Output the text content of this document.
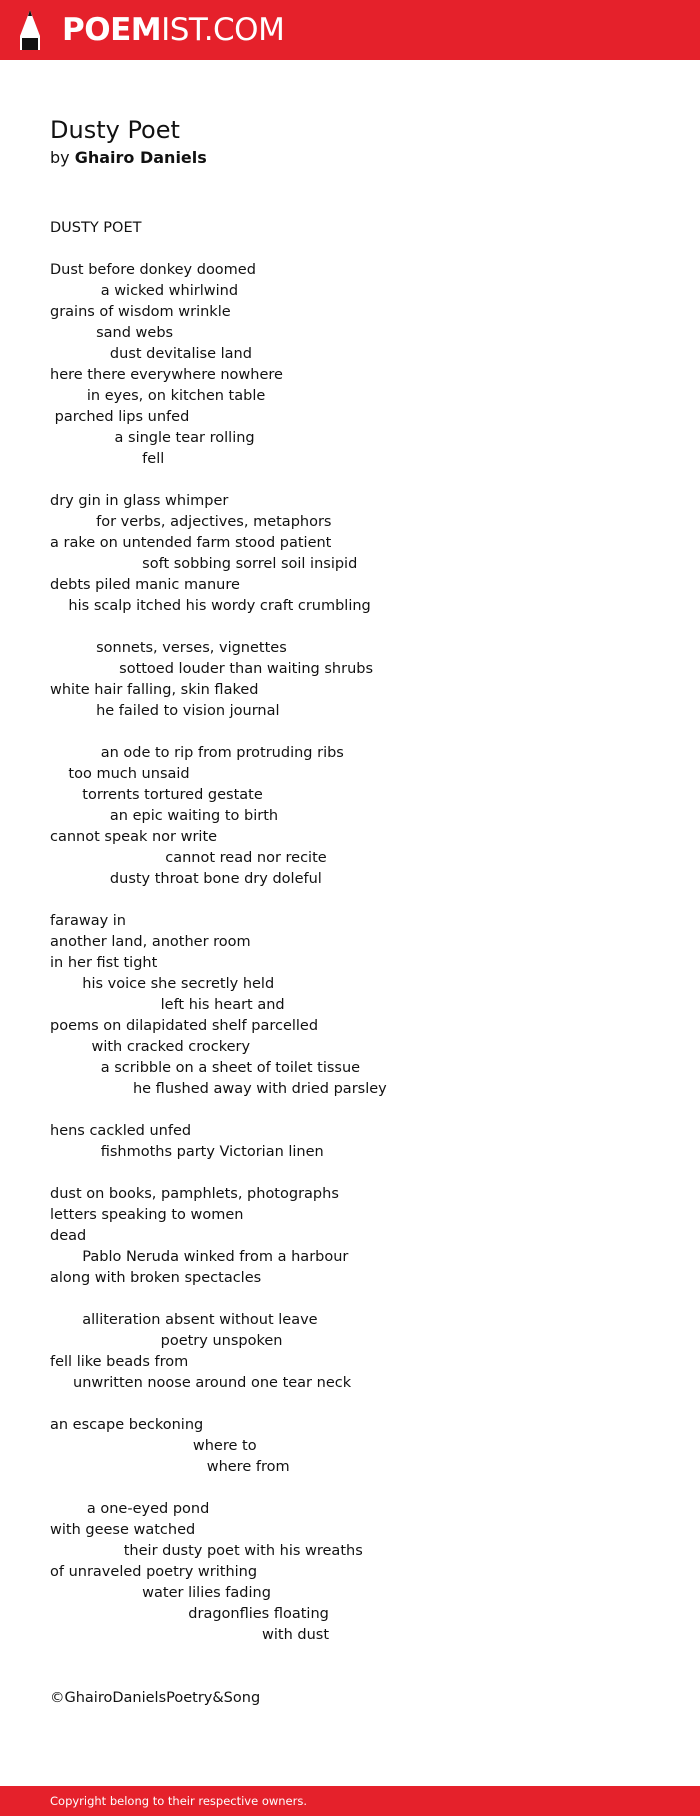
POEMIST.COM
Dusty Poet

by Ghairo Daniels

DUSTY POET
Dust before donkey doomed
a wicked whirlwind
grains of wisdom wrinkle
sand webs
dust devitalise land
here there everywhere nowhere
in eyes, on kitchen table
parched lips unfed
a single tear rolling
fell
dry gin in glass whimper
for verbs, adjectives, metaphors
a rake on untended farm stood patient
soft sobbing sorrel soil insipid
debts piled manic manure
his scalp itched his wordy craft crumbling
sonnets, verses, vignettes
sottoed louder than waiting shrubs
white hair falling, skin flaked
he failed to vision journal
an ode to rip from protruding ribs
too much unsaid
torrents tortured gestate
an epic waiting to birth
cannot speak nor write
cannot read nor recite
dusty throat bone dry doleful
faraway in
another land, another room
in her fist tight
his voice she secretly held
left his heart and
poems on dilapidated shelf parcelled
with cracked crockery
a scribble on a sheet of toilet tissue
he flushed away with dried parsley
hens cackled unfed
fishmoths party Victorian linen
dust on books, pamphlets, photographs
letters speaking to women
dead
Pablo Neruda winked from a harbour
along with broken spectacles
alliteration absent without leave
poetry unspoken
fell like beads from
unwritten noose around one tear neck
an escape beckoning
where to
where from
a one-eyed pond
with geese watched
their dusty poet with his wreaths
of unraveled poetry writhing
water lilies fading
dragonflies floating
with dust
©GhairoDanielsPoetry&Song
Copyright belong to their respective owners.
